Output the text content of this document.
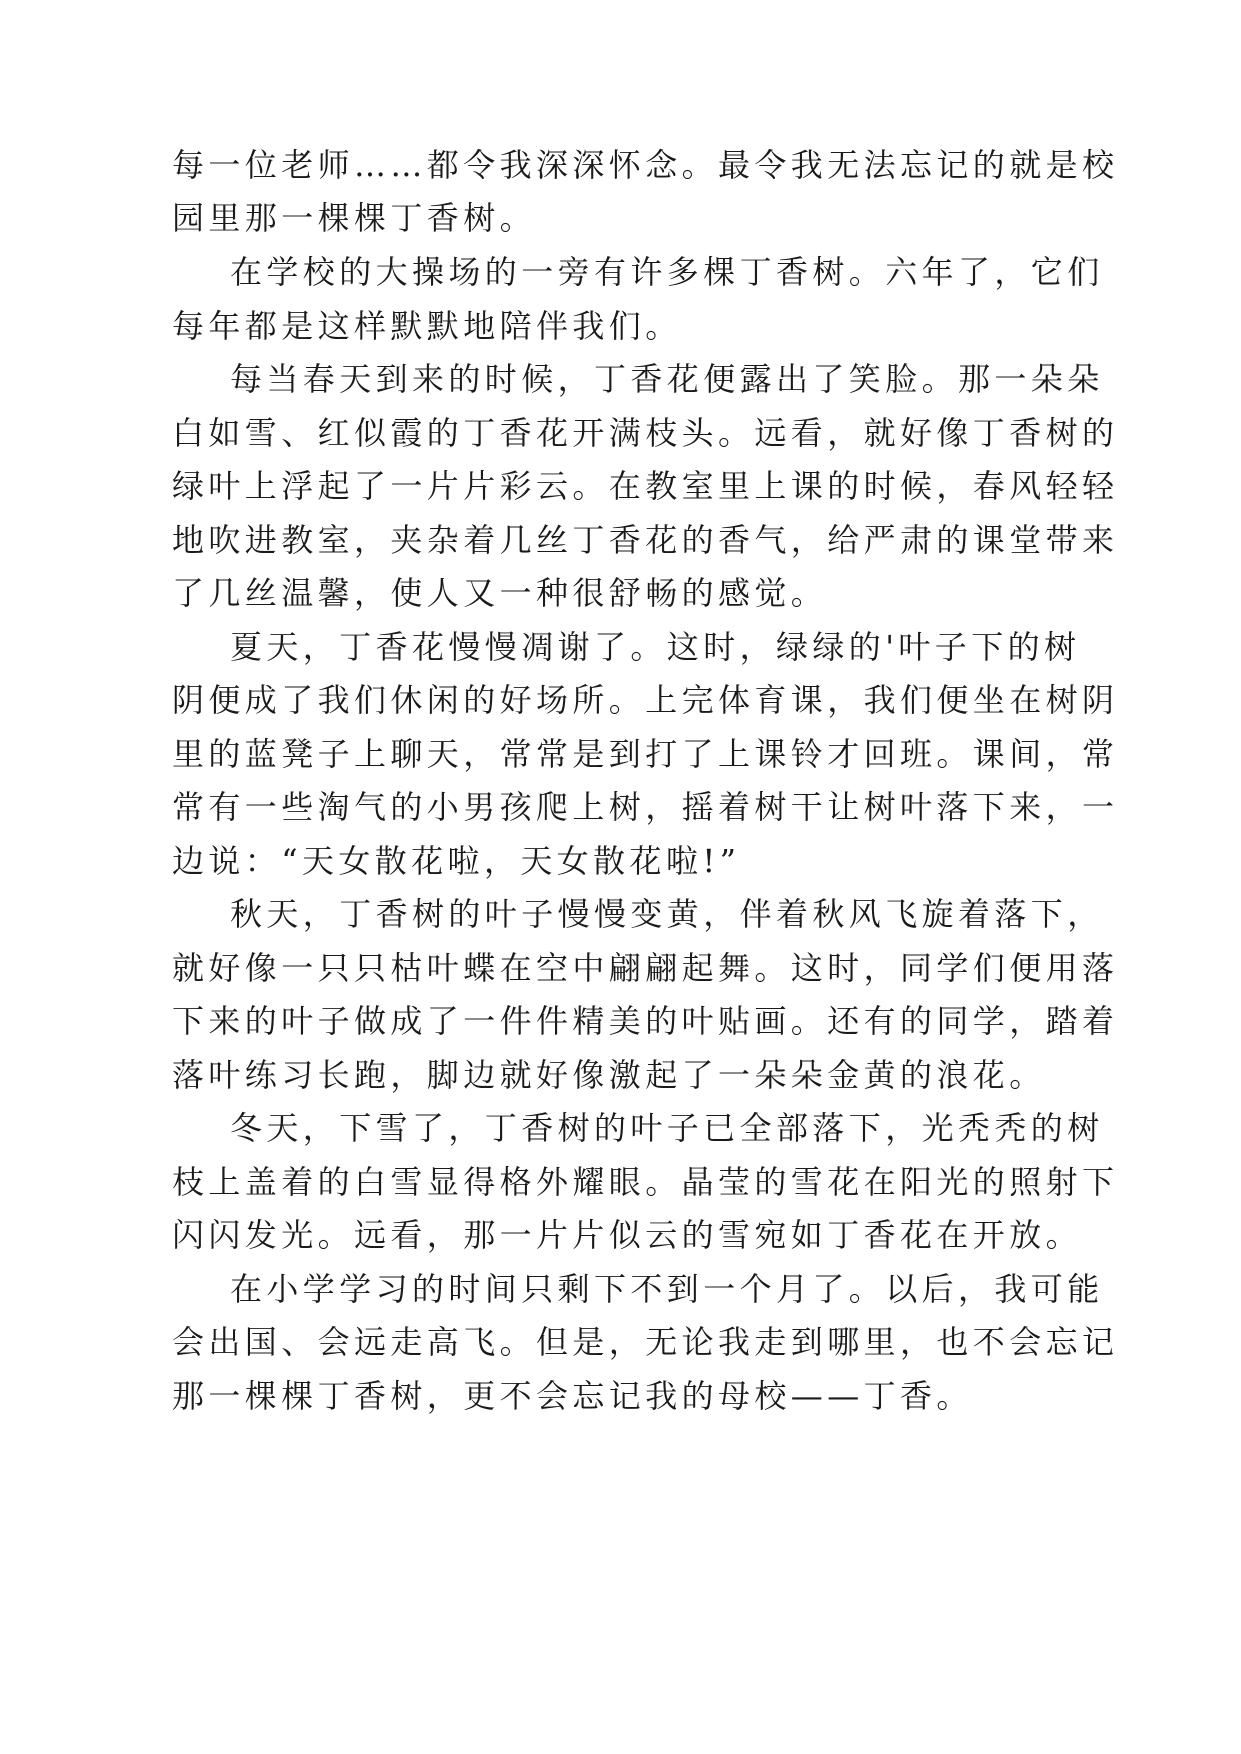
每一位老师……都令我深深怀念。最令我无法忘记的就是校
园里那一棵棵丁香树。
在学校的大操场的一旁有许多棵丁香树。六年了，它们
每年都是这样默默地陪伴我们。
每当春天到来的时候，丁香花便露出了笑脸。那一朵朵
白如雪、红似霞的丁香花开满枝头。远看，就好像丁香树的
绿叶上浮起了一片片彩云。在教室里上课的时候，春风轻轻
地吹进教室，夹杂着几丝丁香花的香气，给严肃的课堂带来
了几丝温馨，使人又一种很舒畅的感觉。
夏天，丁香花慢慢凋谢了。这时，绿绿的'叶子下的树
阴便成了我们休闲的好场所。上完体育课，我们便坐在树阴
里的蓝凳子上聊天，常常是到打了上课铃才回班。课间，常
常有一些淘气的小男孩爬上树，摇着树干让树叶落下来，一
边说：“天女散花啦，天女散花啦!”
秋天，丁香树的叶子慢慢变黄，伴着秋风飞旋着落下，
就好像一只只枯叶蝶在空中翩翩起舞。这时，同学们便用落
下来的叶子做成了一件件精美的叶贴画。还有的同学，踏着
落叶练习长跑，脚边就好像激起了一朵朵金黄的浪花。
冬天，下雪了，丁香树的叶子已全部落下，光秃秃的树
枝上盖着的白雪显得格外耀眼。晶莹的雪花在阳光的照射下
闪闪发光。远看，那一片片似云的雪宛如丁香花在开放。
在小学学习的时间只剩下不到一个月了。以后，我可能
会出国、会远走高飞。但是，无论我走到哪里，也不会忘记
那一棵棵丁香树，更不会忘记我的母校——丁香。
